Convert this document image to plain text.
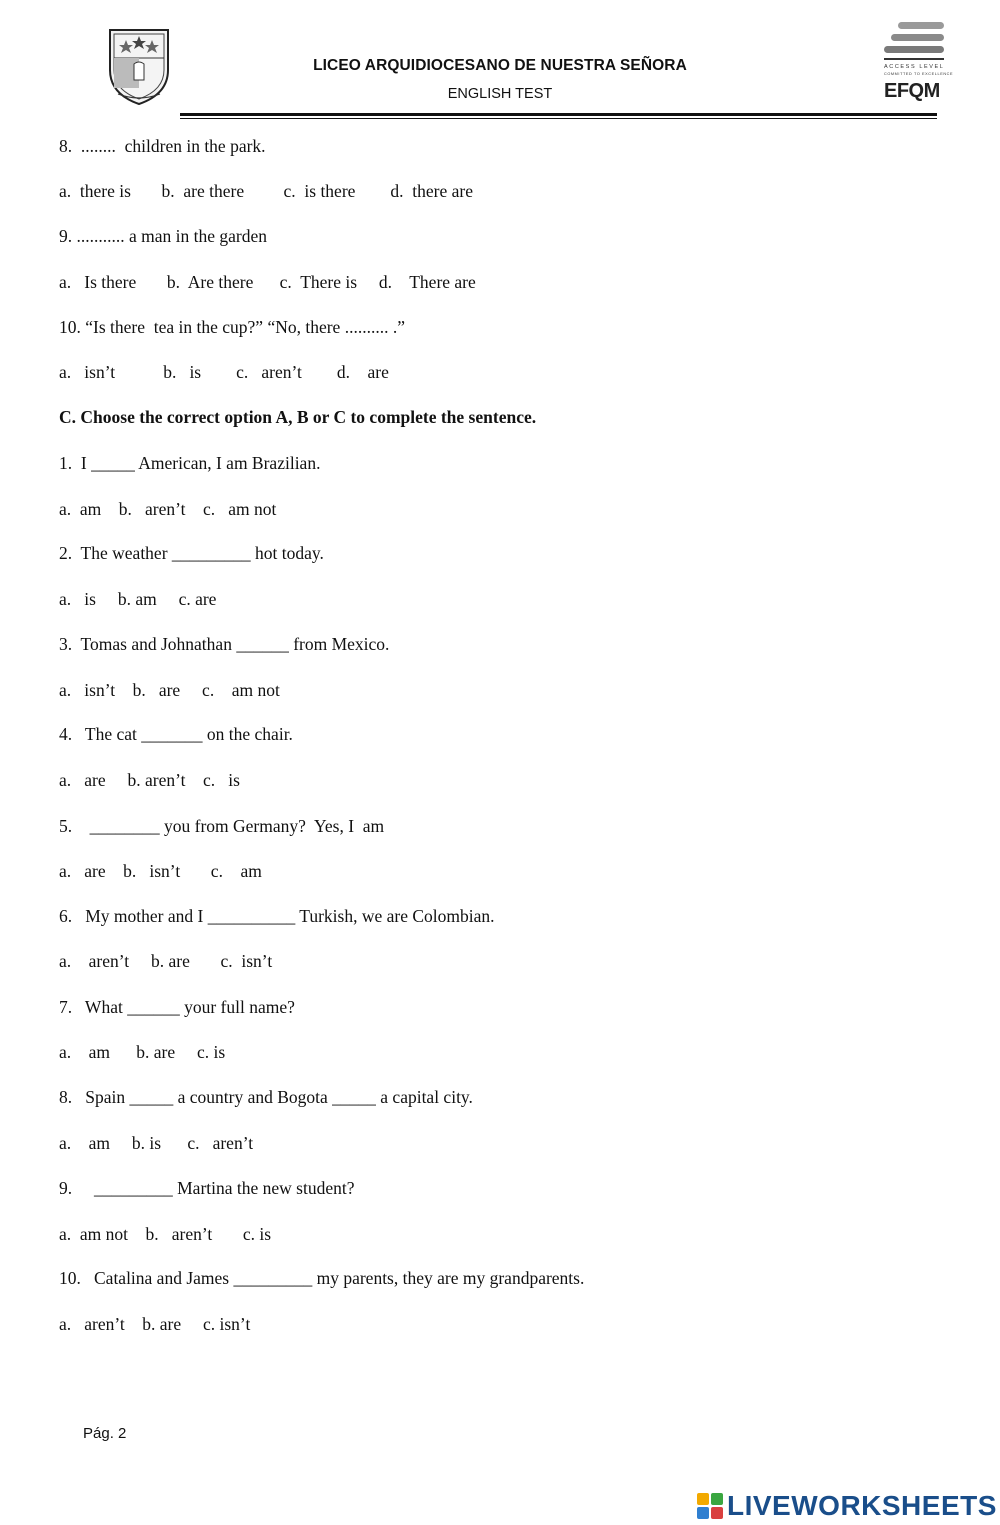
LICEO ARQUIDIOCESANO DE NUESTRA SEÑORA
ENGLISH TEST
ACCESS LEVEL
COMMITTED TO EXCELLENCE
EFQM
8.  ........  children in the park.
a.  there is       b.  are there         c.  is there        d.  there are
9. ........... a man in the garden
a.   Is there       b.  Are there      c.  There is     d.    There are
10. “Is there  tea in the cup?” “No, there .......... .”
a.   isn’t           b.   is        c.   aren’t        d.    are
C. Choose the correct option A, B or C to complete the sentence.
1.  I _____ American, I am Brazilian.
a.  am    b.   aren’t    c.   am not
2.  The weather _________ hot today.
a.   is     b. am     c. are
3.  Tomas and Johnathan ______ from Mexico.
a.   isn’t    b.   are     c.    am not
4.   The cat _______ on the chair.
a.   are     b. aren’t    c.   is
5.    ________ you from Germany?  Yes, I  am
a.   are    b.   isn’t       c.    am
6.   My mother and I __________ Turkish, we are Colombian.
a.    aren’t     b. are       c.  isn’t
7.   What ______ your full name?
a.    am      b. are     c. is
8.   Spain _____ a country and Bogota _____ a capital city.
a.    am     b. is      c.   aren’t
9.     _________ Martina the new student?
a.  am not    b.   aren’t       c. is
10.   Catalina and James _________ my parents, they are my grandparents.
a.   aren’t    b. are     c. isn’t
Pág. 2
LIVEWORKSHEETS
